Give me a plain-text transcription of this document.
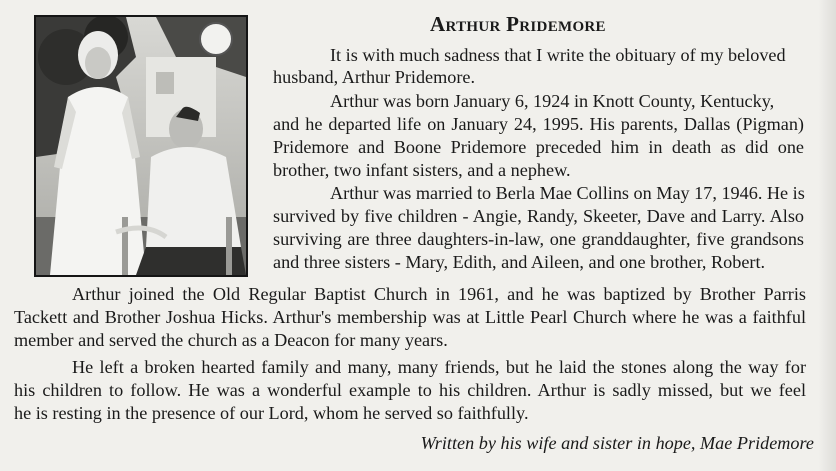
Arthur Pridemore
It is with much sadness that I write the obituary of my beloved
husband, Arthur Pridemore.
Arthur was born January 6, 1924 in Knott County, Kentucky,
and he departed life on January 24, 1995. His parents, Dallas (Pigman)
Pridemore and Boone Pridemore preceded him in death as did one
brother, two infant sisters, and a nephew.
Arthur was married to Berla Mae Collins on May 17, 1946. He is
survived by five children - Angie, Randy, Skeeter, Dave and Larry. Also
surviving are three daughters-in-law, one granddaughter, five grandsons
and three sisters - Mary, Edith, and Aileen, and one brother, Robert.
Arthur joined the Old Regular Baptist Church in 1961, and he was baptized by Brother Parris
Tackett and Brother Joshua Hicks. Arthur's membership was at Little Pearl Church where he was a faithful
member and served the church as a Deacon for many years.
He left a broken hearted family and many, many friends, but he laid the stones along the way for
his children to follow. He was a wonderful example to his children. Arthur is sadly missed, but we feel
he is resting in the presence of our Lord, whom he served so faithfully.
Written by his wife and sister in hope, Mae Pridemore
